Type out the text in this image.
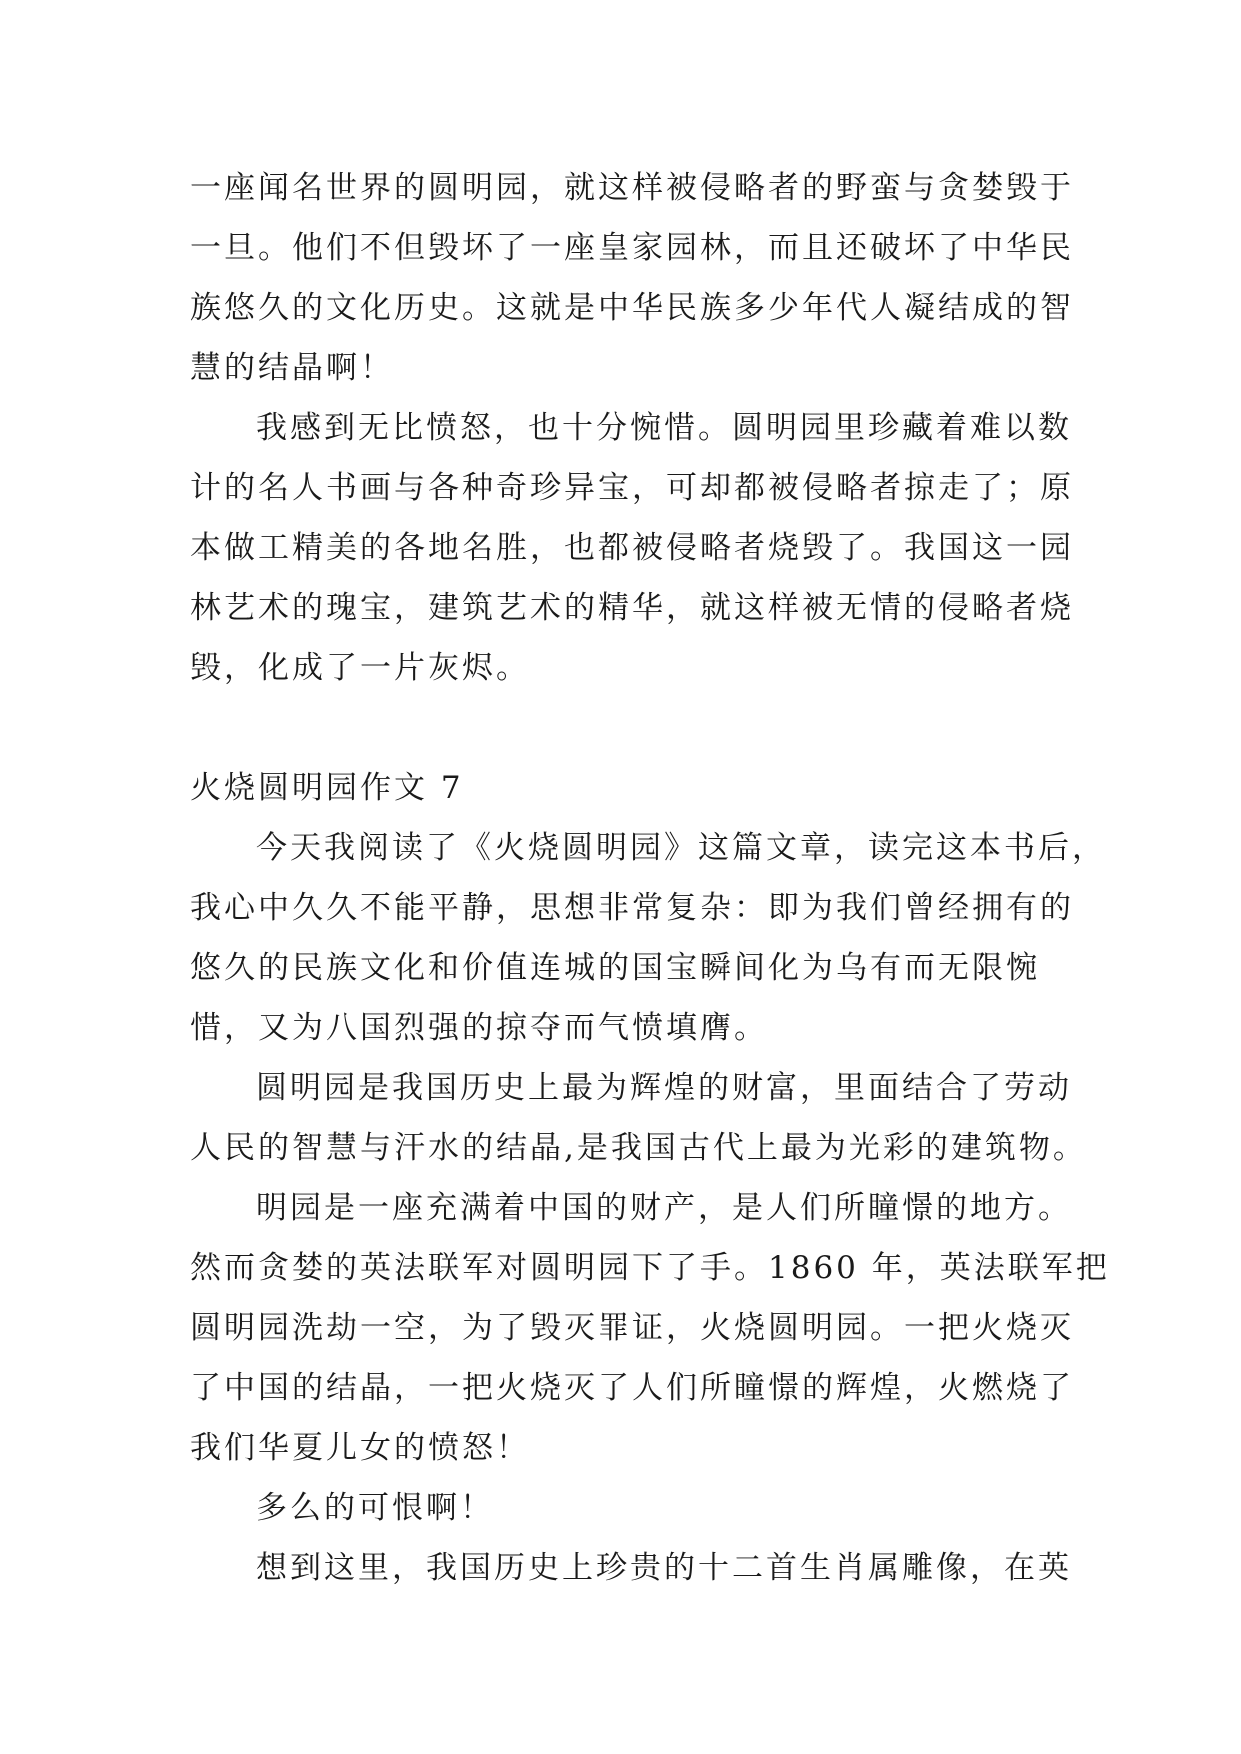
一座闻名世界的圆明园，就这样被侵略者的野蛮与贪婪毁于
一旦。他们不但毁坏了一座皇家园林，而且还破坏了中华民
族悠久的文化历史。这就是中华民族多少年代人凝结成的智
慧的结晶啊！
我感到无比愤怒，也十分惋惜。圆明园里珍藏着难以数
计的名人书画与各种奇珍异宝，可却都被侵略者掠走了；原
本做工精美的各地名胜，也都被侵略者烧毁了。我国这一园
林艺术的瑰宝，建筑艺术的精华，就这样被无情的侵略者烧
毁，化成了一片灰烬。
火烧圆明园作文 7
今天我阅读了《火烧圆明园》这篇文章，读完这本书后，
我心中久久不能平静，思想非常复杂：即为我们曾经拥有的
悠久的民族文化和价值连城的国宝瞬间化为乌有而无限惋
惜，又为八国烈强的掠夺而气愤填膺。
圆明园是我国历史上最为辉煌的财富，里面结合了劳动
人民的智慧与汗水的结晶,是我国古代上最为光彩的建筑物。
明园是一座充满着中国的财产，是人们所瞳憬的地方。
然而贪婪的英法联军对圆明园下了手。1860 年，英法联军把
圆明园洗劫一空，为了毁灭罪证，火烧圆明园。一把火烧灭
了中国的结晶，一把火烧灭了人们所瞳憬的辉煌，火燃烧了
我们华夏儿女的愤怒！
多么的可恨啊！
想到这里，我国历史上珍贵的十二首生肖属雕像，在英
